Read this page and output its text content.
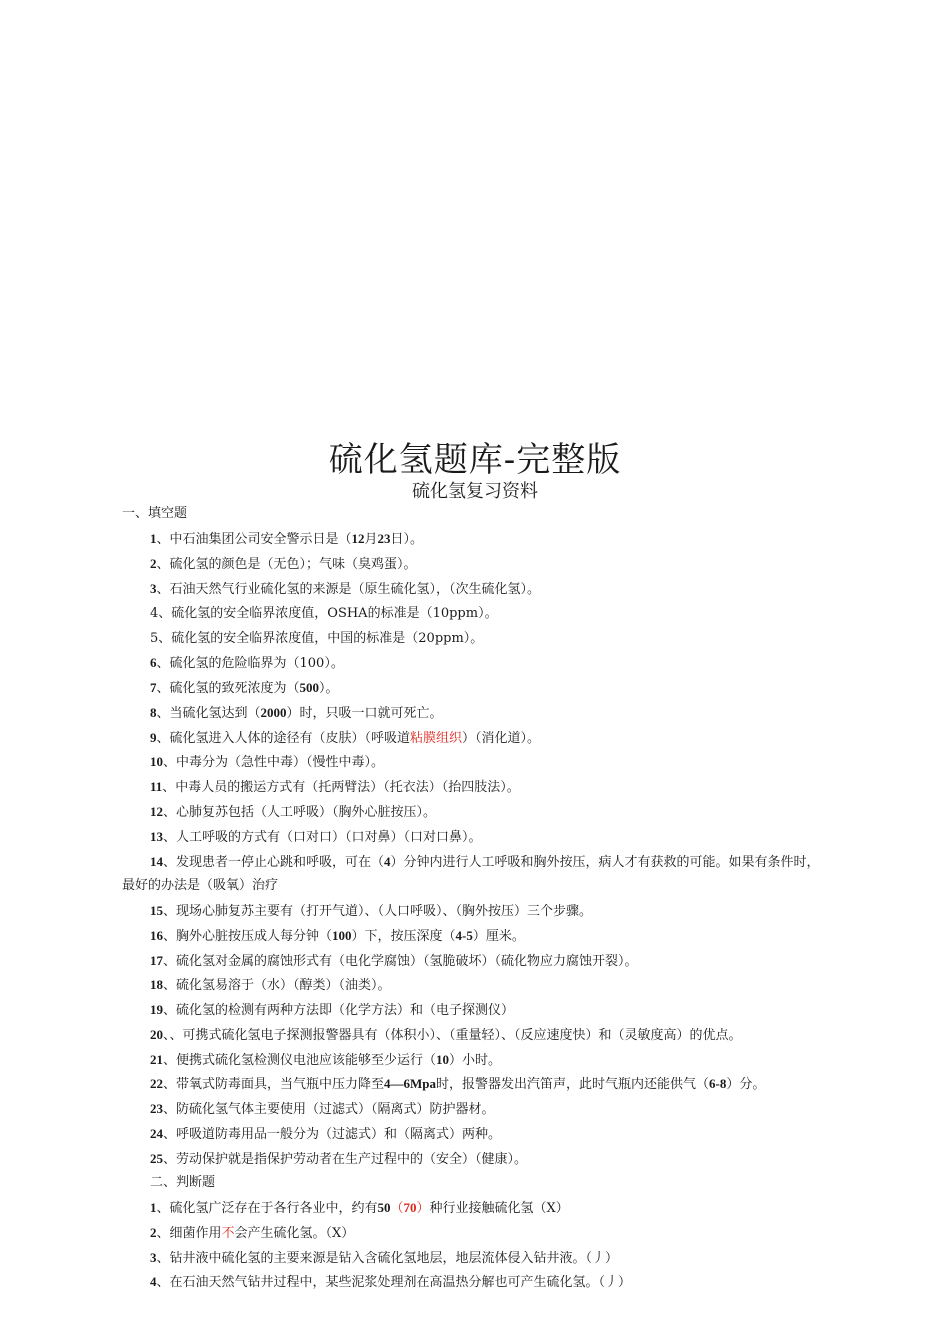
硫化氢题库-完整版
硫化氢复习资料
一、填空题
1、中石油集团公司安全警示日是（12月23日）。
2、硫化氢的颜色是（无色）；气味（臭鸡蛋）。
3、石油天然气行业硫化氢的来源是（原生硫化氢），（次生硫化氢）。
4、硫化氢的安全临界浓度值，OSHA的标准是（10ppm）。
5、硫化氢的安全临界浓度值，中国的标准是（20ppm）。
6、硫化氢的危险临界为（100）。
7、硫化氢的致死浓度为（500）。
8、当硫化氢达到（2000）时，只吸一口就可死亡。
9、硫化氢进入人体的途径有（皮肤）（呼吸道粘膜组织）（消化道）。
10、中毒分为（急性中毒）（慢性中毒）。
11、中毒人员的搬运方式有（托两臂法）（托衣法）（抬四肢法）。
12、心肺复苏包括（人工呼吸）（胸外心脏按压）。
13、人工呼吸的方式有（口对口）（口对鼻）（口对口鼻）。
14、发现患者一停止心跳和呼吸，可在（4）分钟内进行人工呼吸和胸外按压，病人才有获救的可能。如果有条件时，
最好的办法是（吸氧）治疗
15、现场心肺复苏主要有（打开气道）、（人口呼吸）、（胸外按压）三个步骤。
16、胸外心脏按压成人每分钟（100）下，按压深度（4-5）厘米。
17、硫化氢对金属的腐蚀形式有（电化学腐蚀）（氢脆破坏）（硫化物应力腐蚀开裂）。
18、硫化氢易溶于（水）（醇类）（油类）。
19、硫化氢的检测有两种方法即（化学方法）和（电子探测仪）
20、、可携式硫化氢电子探测报警器具有（体积小）、（重量轻）、（反应速度快）和（灵敏度高）的优点。
21、便携式硫化氢检测仪电池应该能够至少运行（10）小时。
22、带氧式防毒面具，当气瓶中压力降至4—6Mpa时，报警器发出汽笛声，此时气瓶内还能供气（6-8）分。
23、防硫化氢气体主要使用（过滤式）（隔离式）防护器材。
24、呼吸道防毒用品一般分为（过滤式）和（隔离式）两种。
25、劳动保护就是指保护劳动者在生产过程中的（安全）（健康）。
二、判断题
1、硫化氢广泛存在于各行各业中，约有50（70）种行业接触硫化氢（X）
2、细菌作用不会产生硫化氢。（X）
3、钻井液中硫化氢的主要来源是钻入含硫化氢地层，地层流体侵入钻井液。（丿）
4、在石油天然气钻井过程中，某些泥浆处理剂在高温热分解也可产生硫化氢。（丿）
